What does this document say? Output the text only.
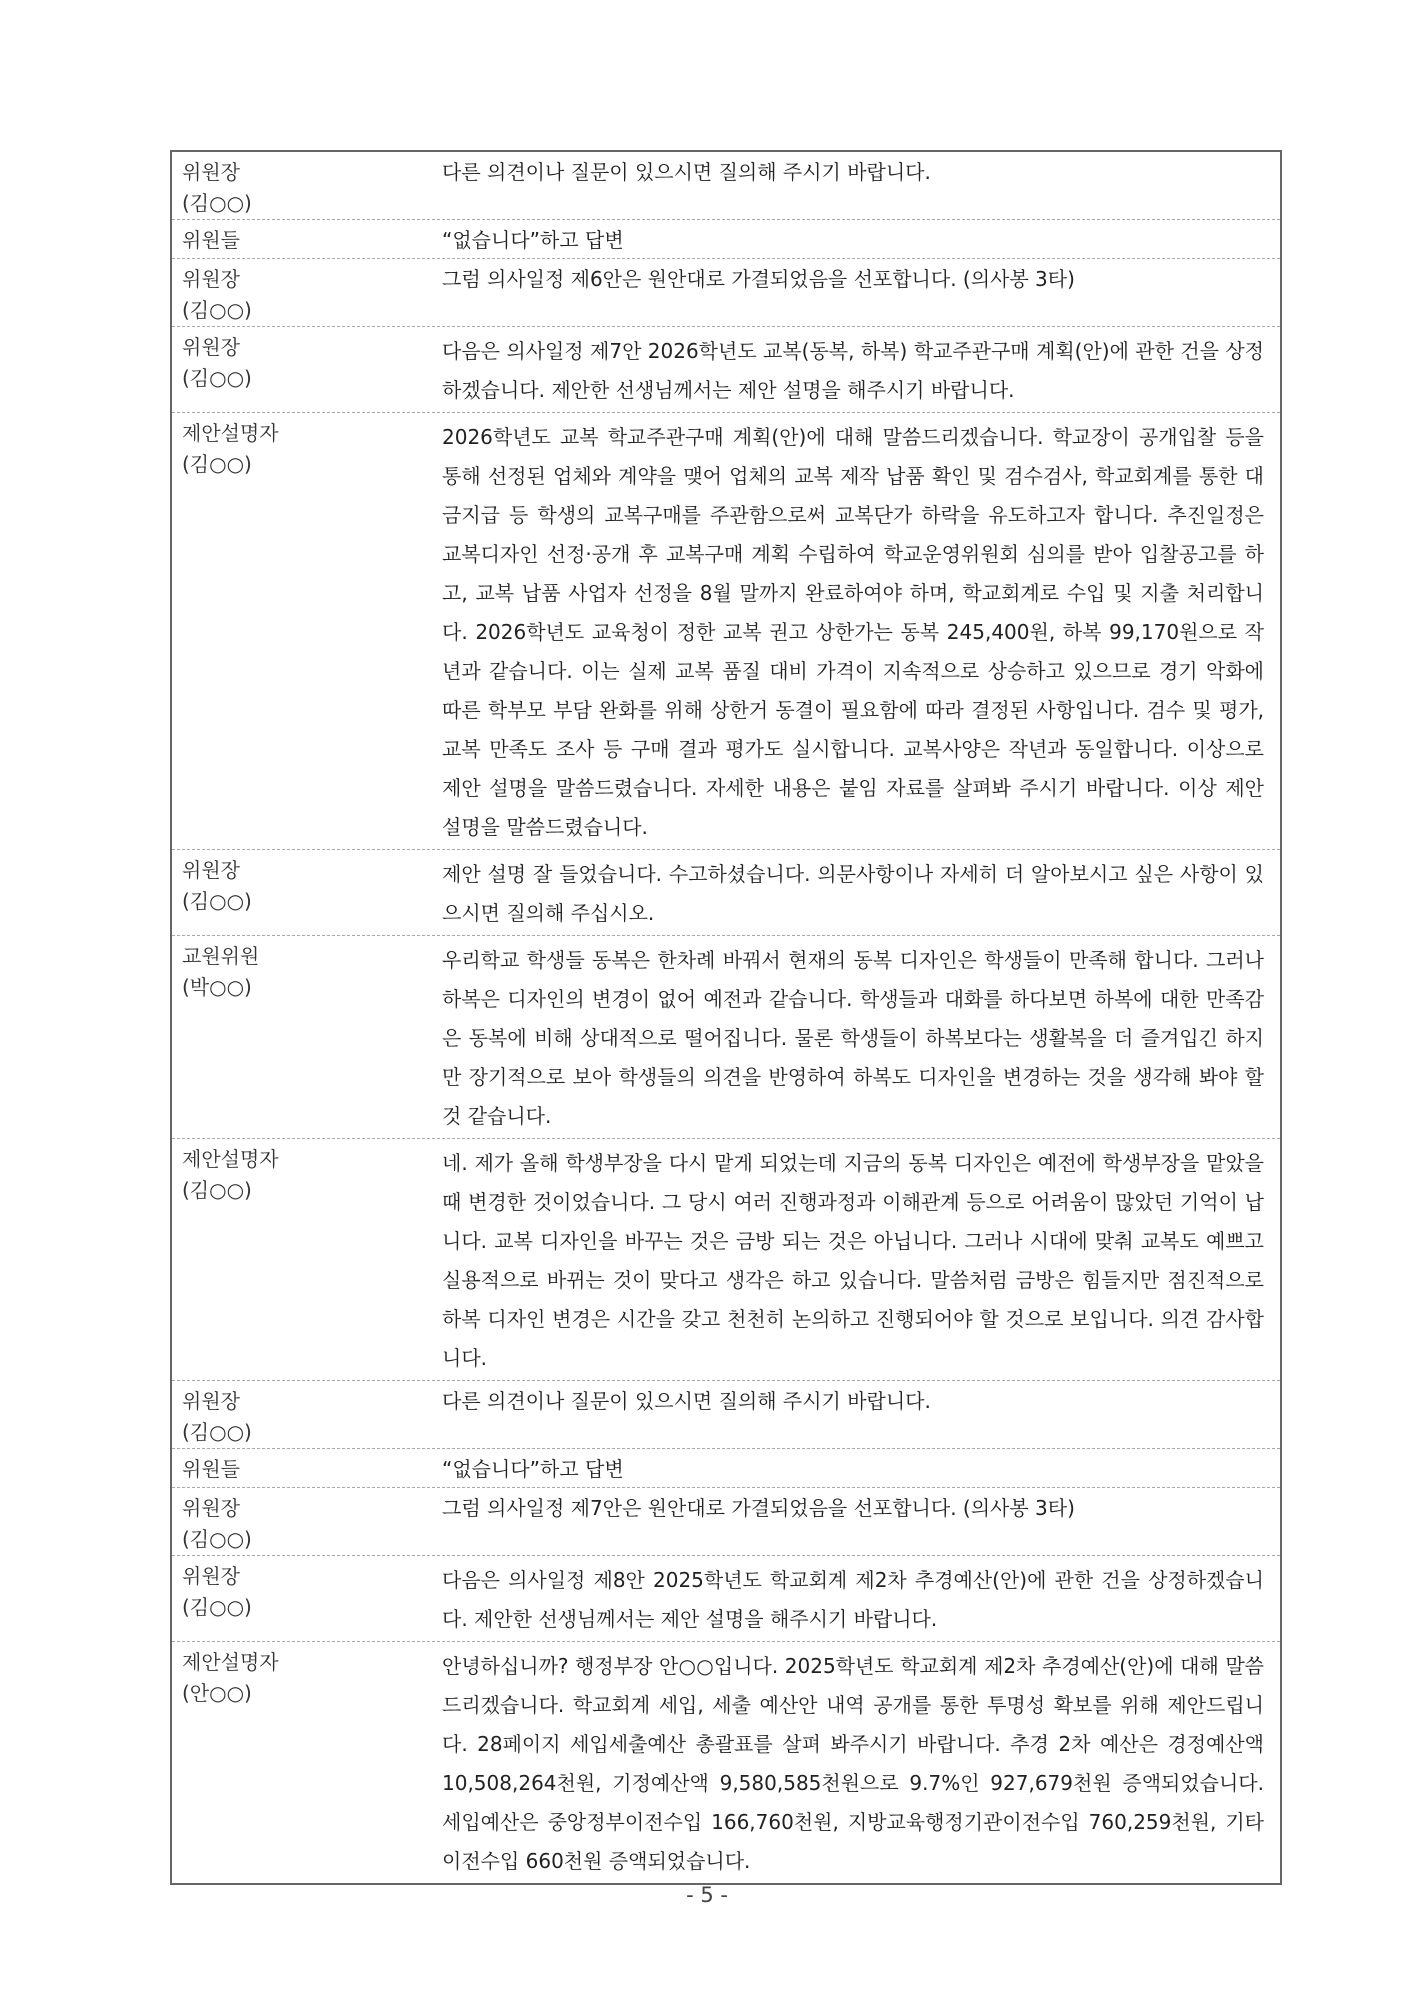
위원장
(김○○)
다른 의견이나 질문이 있으시면 질의해 주시기 바랍니다.
위원들	“없습니다”하고 답변
위원장
(김○○)
그럼 의사일정 제6안은 원안대로 가결되었음을 선포합니다. (의사봉 3타)
위원장
(김○○)
다음은 의사일정 제7안 2026학년도 교복(동복, 하복) 학교주관구매 계획(안)에 관한 건을 상정하겠습니다. 제안한 선생님께서는 제안 설명을 해주시기 바랍니다.
제안설명자
(김○○)
2026학년도 교복 학교주관구매 계획(안)에 대해 말씀드리겠습니다. 학교장이 공개입찰 등을 통해 선정된 업체와 계약을 맺어 업체의 교복 제작 납품 확인 및 검수검사, 학교회계를 통한 대금지급 등 학생의 교복구매를 주관함으로써 교복단가 하락을 유도하고자 합니다. 추진일정은 교복디자인 선정·공개 후 교복구매 계획 수립하여 학교운영위원회 심의를 받아 입찰공고를 하고, 교복 납품 사업자 선정을 8월 말까지 완료하여야 하며, 학교회계로 수입 및 지출 처리합니다. 2026학년도 교육청이 정한 교복 권고 상한가는 동복 245,400원, 하복 99,170원으로 작년과 같습니다. 이는 실제 교복 품질 대비 가격이 지속적으로 상승하고 있으므로 경기 악화에 따른 학부모 부담 완화를 위해 상한거 동결이 필요함에 따라 결정된 사항입니다. 검수 및 평가, 교복 만족도 조사 등 구매 결과 평가도 실시합니다. 교복사양은 작년과 동일합니다. 이상으로 제안 설명을 말씀드렸습니다. 자세한 내용은 붙임 자료를 살펴봐 주시기 바랍니다. 이상 제안 설명을 말씀드렸습니다.
위원장
(김○○)
제안 설명 잘 들었습니다. 수고하셨습니다. 의문사항이나 자세히 더 알아보시고 싶은 사항이 있으시면 질의해 주십시오.
교원위원
(박○○)
우리학교 학생들 동복은 한차례 바꿔서 현재의 동복 디자인은 학생들이 만족해 합니다. 그러나 하복은 디자인의 변경이 없어 예전과 같습니다. 학생들과 대화를 하다보면 하복에 대한 만족감은 동복에 비해 상대적으로 떨어집니다. 물론 학생들이 하복보다는 생활복을 더 즐겨입긴 하지만 장기적으로 보아 학생들의 의견을 반영하여 하복도 디자인을 변경하는 것을 생각해 봐야 할 것 같습니다.
제안설명자
(김○○)
네. 제가 올해 학생부장을 다시 맡게 되었는데 지금의 동복 디자인은 예전에 학생부장을 맡았을 때 변경한 것이었습니다. 그 당시 여러 진행과정과 이해관계 등으로 어려움이 많았던 기억이 납니다. 교복 디자인을 바꾸는 것은 금방 되는 것은 아닙니다. 그러나 시대에 맞춰 교복도 예쁘고 실용적으로 바뀌는 것이 맞다고 생각은 하고 있습니다. 말씀처럼 금방은 힘들지만 점진적으로 하복 디자인 변경은 시간을 갖고 천천히 논의하고 진행되어야 할 것으로 보입니다. 의견 감사합니다.
위원장
(김○○)
다른 의견이나 질문이 있으시면 질의해 주시기 바랍니다.
위원들	“없습니다”하고 답변
위원장
(김○○)
그럼 의사일정 제7안은 원안대로 가결되었음을 선포합니다. (의사봉 3타)
위원장
(김○○)
다음은 의사일정 제8안 2025학년도 학교회계 제2차 추경예산(안)에 관한 건을 상정하겠습니다. 제안한 선생님께서는 제안 설명을 해주시기 바랍니다.
제안설명자
(안○○)
안녕하십니까? 행정부장 안○○입니다. 2025학년도 학교회계 제2차 추경예산(안)에 대해 말씀드리겠습니다. 학교회계 세입, 세출 예산안 내역 공개를 통한 투명성 확보를 위해 제안드립니다. 28페이지 세입세출예산 총괄표를 살펴 봐주시기 바랍니다. 추경 2차 예산은 경정예산액 10,508,264천원, 기정예산액 9,580,585천원으로 9.7%인 927,679천원 증액되었습니다. 세입예산은 중앙정부이전수입 166,760천원, 지방교육행정기관이전수입 760,259천원, 기타이전수입 660천원 증액되었습니다.
- 5 -
